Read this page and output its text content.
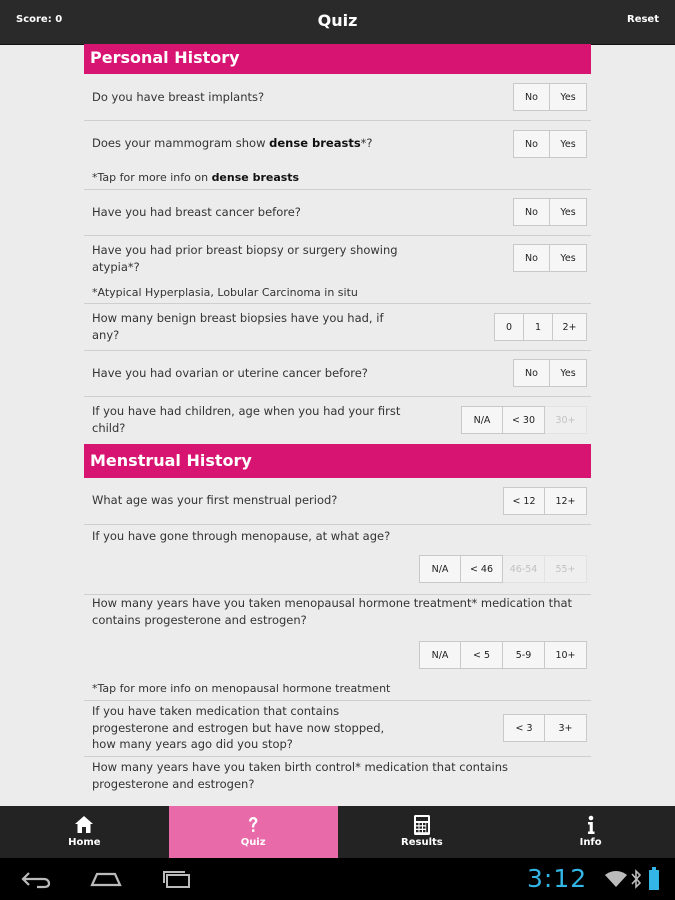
Score: 0	Quiz	Reset
Personal History
Do you have breast implants?	No	Yes
Does your mammogram show dense breasts*?	No	Yes
*Tap for more info on dense breasts
Have you had breast cancer before?	No	Yes
Have you had prior breast biopsy or surgery showing atypia*?
No	Yes
*Atypical Hyperplasia, Lobular Carcinoma in situ
How many benign breast biopsies have you had, if any?
0	1	2+
Have you had ovarian or uterine cancer before?	No	Yes
If you have had children, age when you had your first child?
N/A	< 30	30+
Menstrual History
What age was your first menstrual period?	< 12	12+
If you have gone through menopause, at what age?
N/A	< 46	46-54	55+
How many years have you taken menopausal hormone treatment* medication that contains progesterone and estrogen?
N/A	< 5	5-9	10+
*Tap for more info on menopausal hormone treatment
If you have taken medication that contains progesterone and estrogen but have now stopped, how many years ago did you stop?
< 3	3+
How many years have you taken birth control* medication that contains progesterone and estrogen?
Home	Quiz	Results	Info
3:12
